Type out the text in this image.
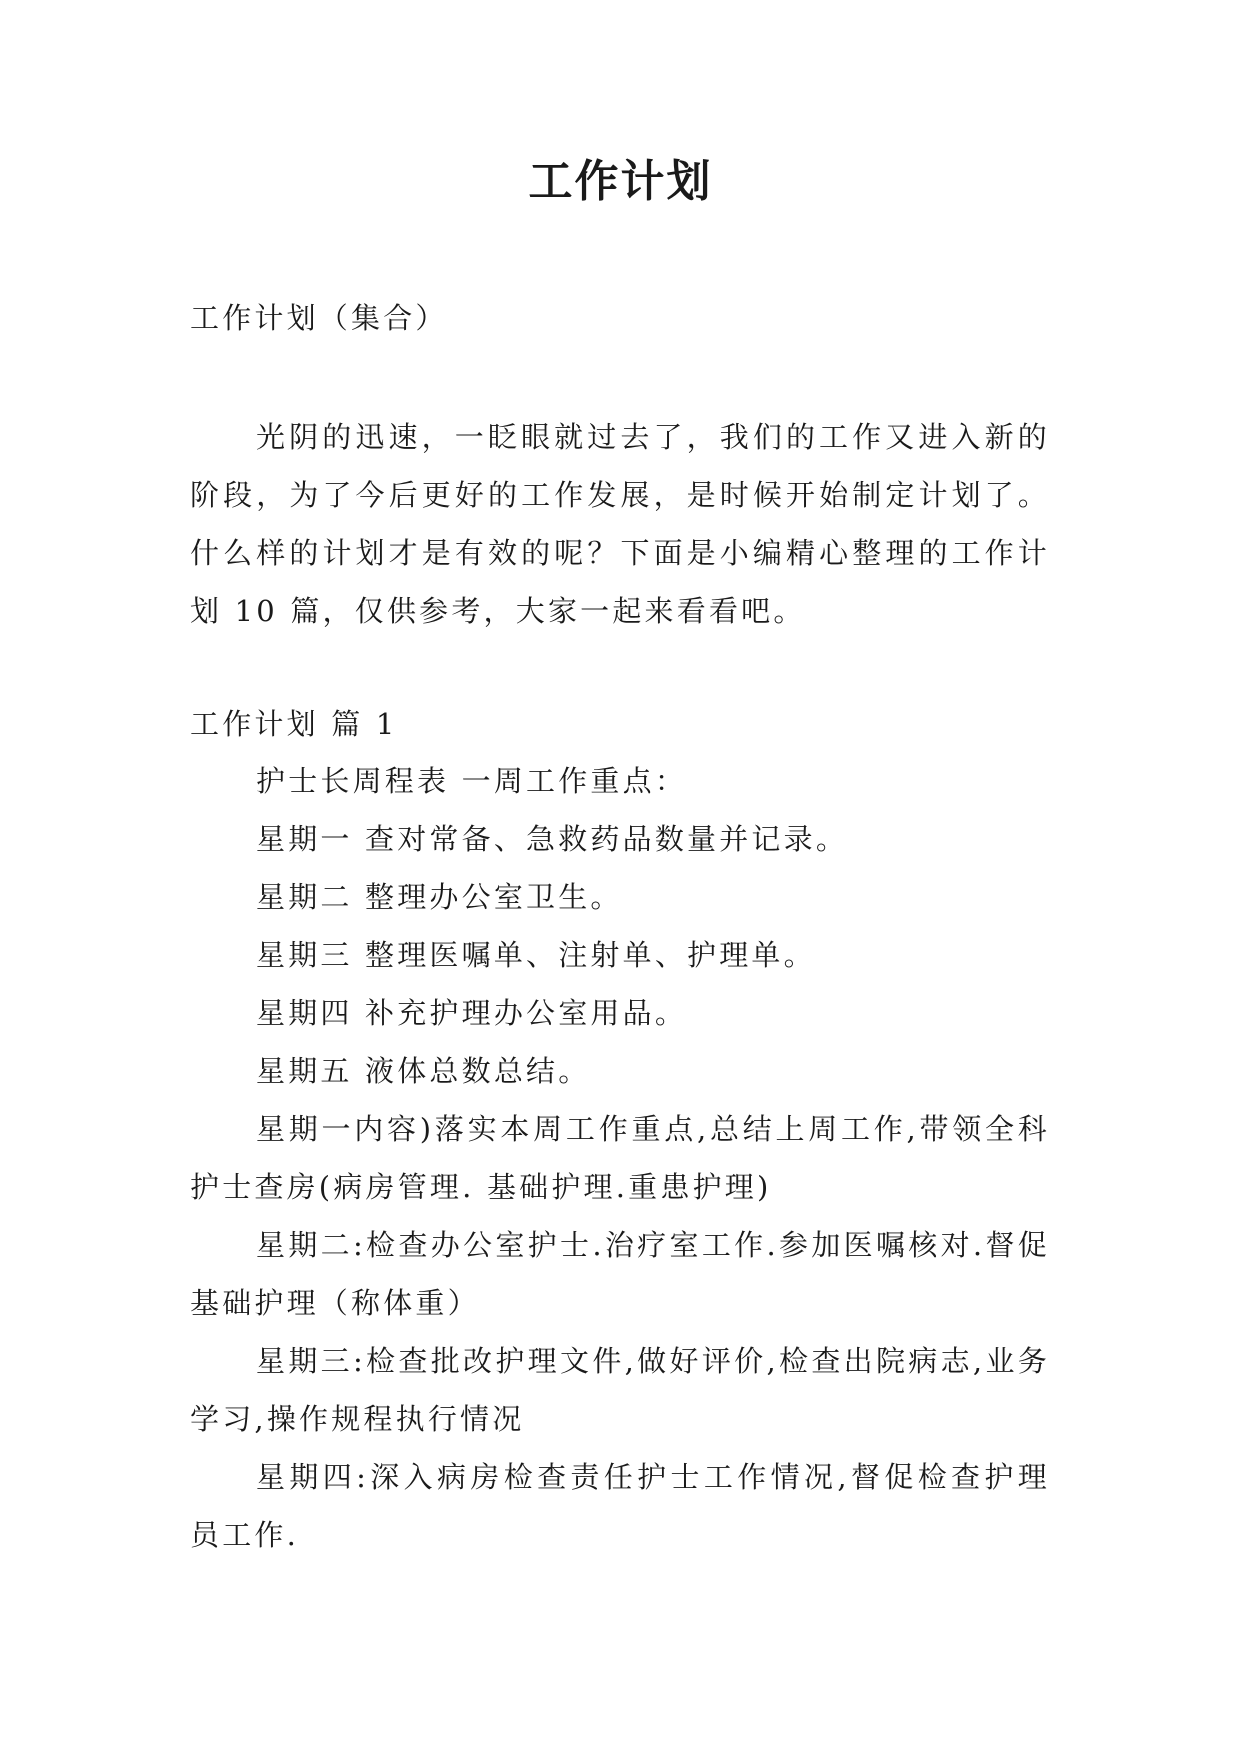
工作计划
工作计划（集合）

光阴的迅速，一眨眼就过去了，我们的工作又进入新的阶段，为了今后更好的工作发展，是时候开始制定计划了。什么样的计划才是有效的呢？下面是小编精心整理的工作计划 10 篇，仅供参考，大家一起来看看吧。

工作计划 篇 1

护士长周程表 一周工作重点：

星期一 查对常备、急救药品数量并记录。

星期二 整理办公室卫生。

星期三 整理医嘱单、注射单、护理单。

星期四 补充护理办公室用品。

星期五 液体总数总结。

星期一内容)落实本周工作重点,总结上周工作,带领全科护士查房(病房管理. 基础护理.重患护理)

星期二:检查办公室护士.治疗室工作.参加医嘱核对.督促基础护理（称体重）

星期三:检查批改护理文件,做好评价,检查出院病志,业务学习,操作规程执行情况

星期四:深入病房检查责任护士工作情况,督促检查护理员工作.
